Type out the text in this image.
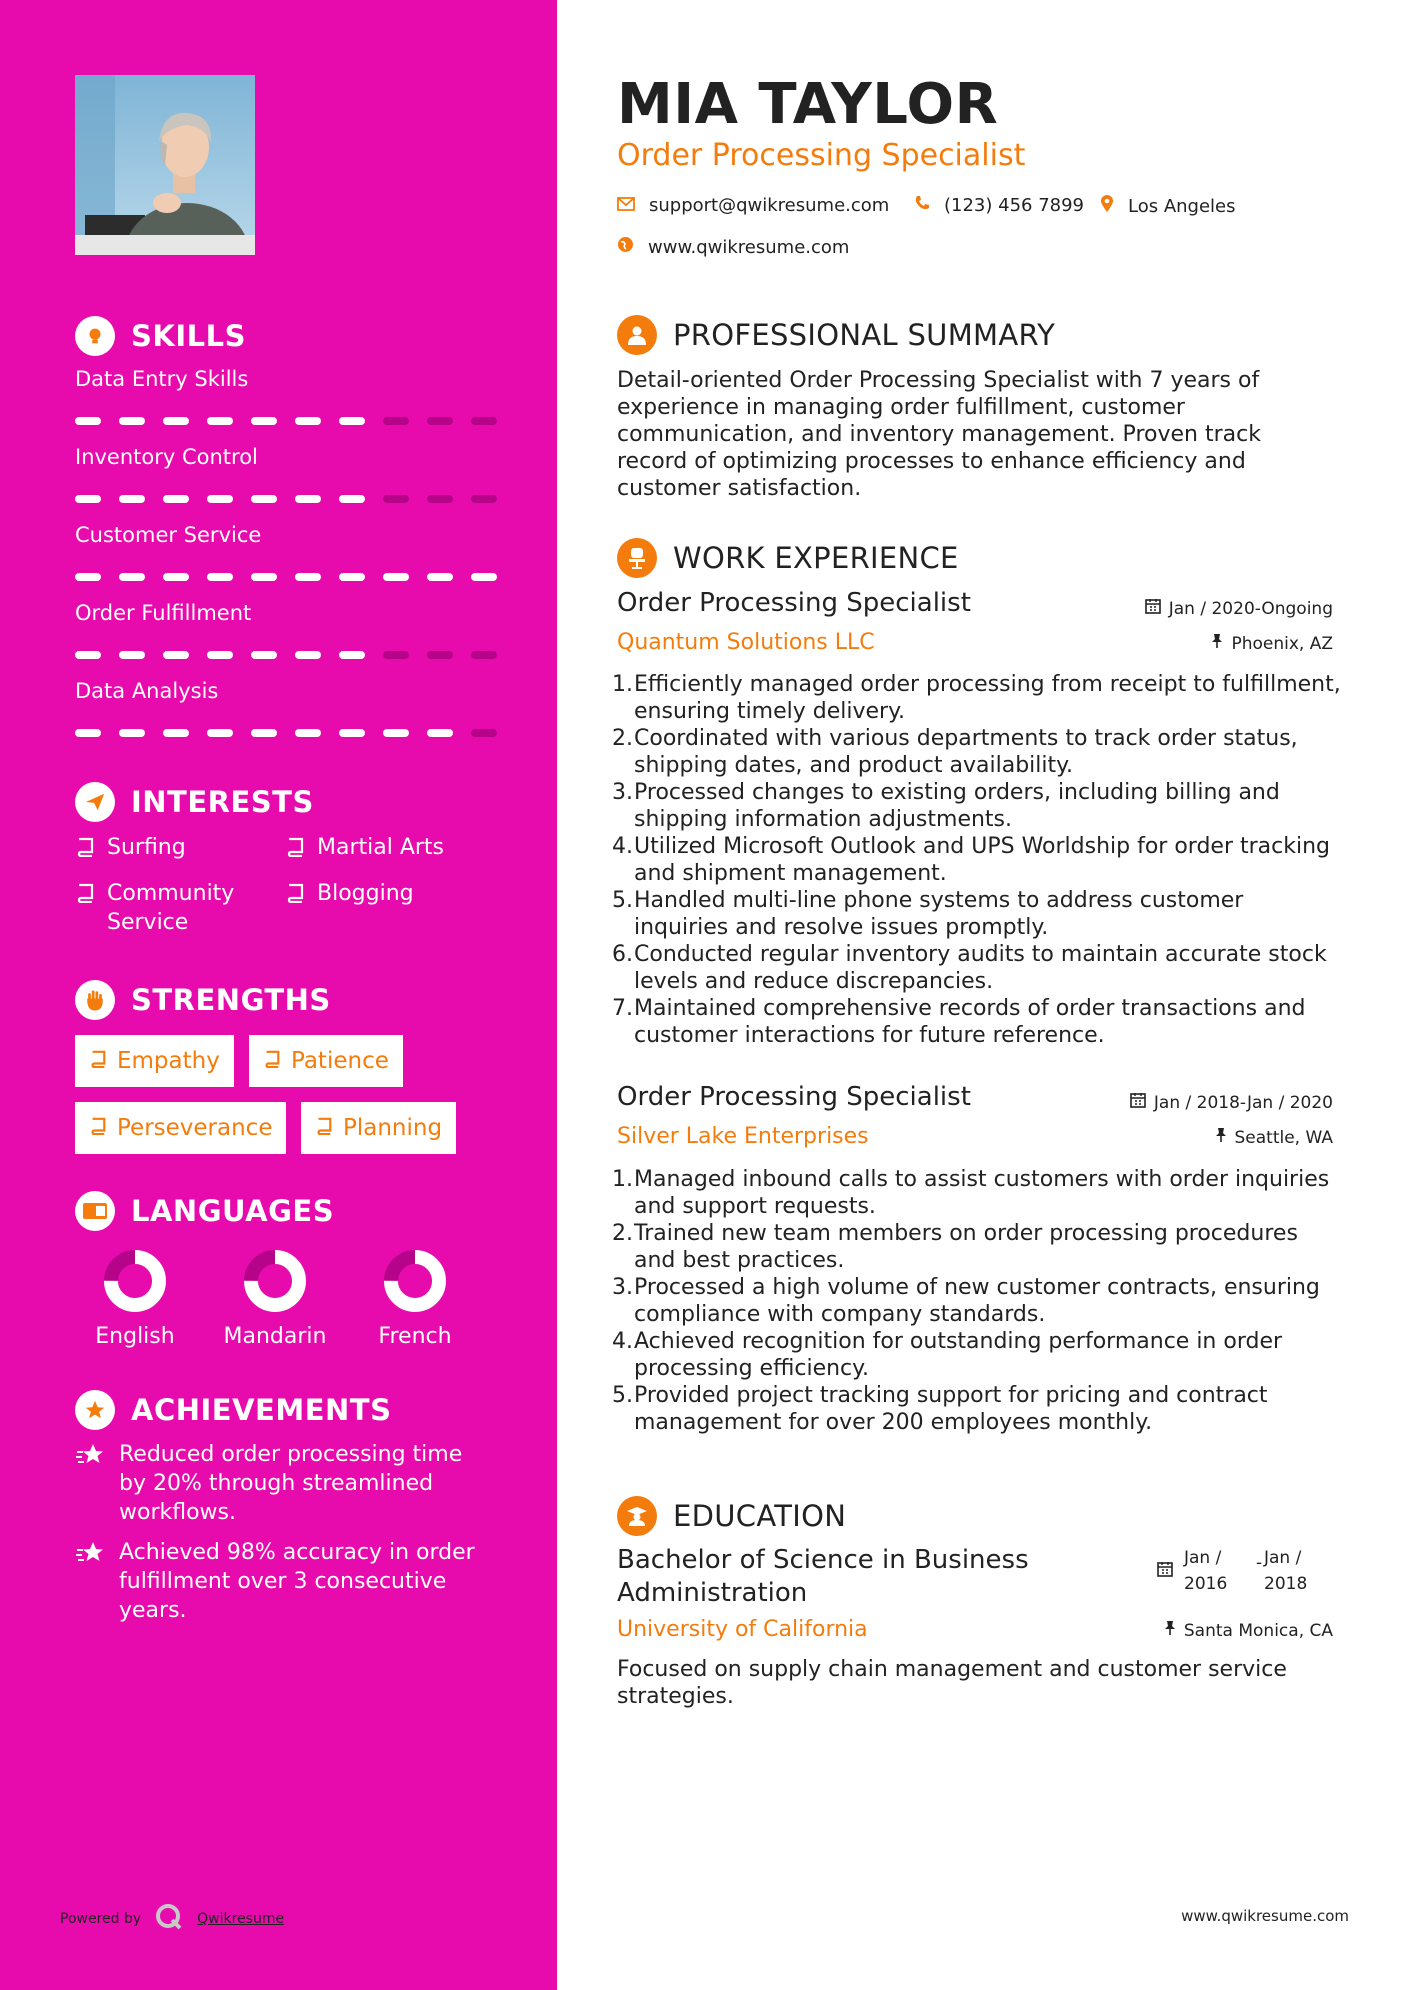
SKILLS
Data Entry Skills
Inventory Control
Customer Service
Order Fulfillment
Data Analysis
INTERESTS
Surfing	Martial Arts
Community Service
Blogging
STRENGTHS
Empathy	Patience
Perseverance	Planning
LANGUAGES
English	Mandarin	French
ACHIEVEMENTS
Reduced order processing time by 20% through streamlined workflows.
Achieved 98% accuracy in order fulfillment over 3 consecutive years.
Powered by	Qwikresume
MIA TAYLOR
Order Processing Specialist
support@qwikresume.com	(123) 456 7899 Los Angeles
www.qwikresume.com
PROFESSIONAL SUMMARY
Detail-oriented Order Processing Specialist with 7 years of experience in managing order fulfillment, customer communication, and inventory management. Proven track record of optimizing processes to enhance efficiency and customer satisfaction.
WORK EXPERIENCE
Order Processing Specialist	Jan / 2020-Ongoing
Quantum Solutions LLC	Phoenix, AZ
1. Efficiently managed order processing from receipt to fulfillment, ensuring timely delivery.
2. Coordinated with various departments to track order status, shipping dates, and product availability.
3. Processed changes to existing orders, including billing and shipping information adjustments.
4. Utilized Microsoft Outlook and UPS Worldship for order tracking and shipment management.
5. Handled multi-line phone systems to address customer inquiries and resolve issues promptly.
6. Conducted regular inventory audits to maintain accurate stock levels and reduce discrepancies.
7. Maintained comprehensive records of order transactions and customer interactions for future reference.
Order Processing Specialist	Jan / 2018-Jan / 2020
Silver Lake Enterprises	Seattle, WA
1. Managed inbound calls to assist customers with order inquiries and support requests.
2. Trained new team members on order processing procedures and best practices.
3. Processed a high volume of new customer contracts, ensuring compliance with company standards.
4. Achieved recognition for outstanding performance in order processing efficiency.
5. Provided project tracking support for pricing and contract management for over 200 employees monthly.
EDUCATION
Bachelor of Science in Business
Administration
Jan /
2016
- Jan /
2018
University of California	Santa Monica, CA
Focused on supply chain management and customer service strategies.
www.qwikresume.com
